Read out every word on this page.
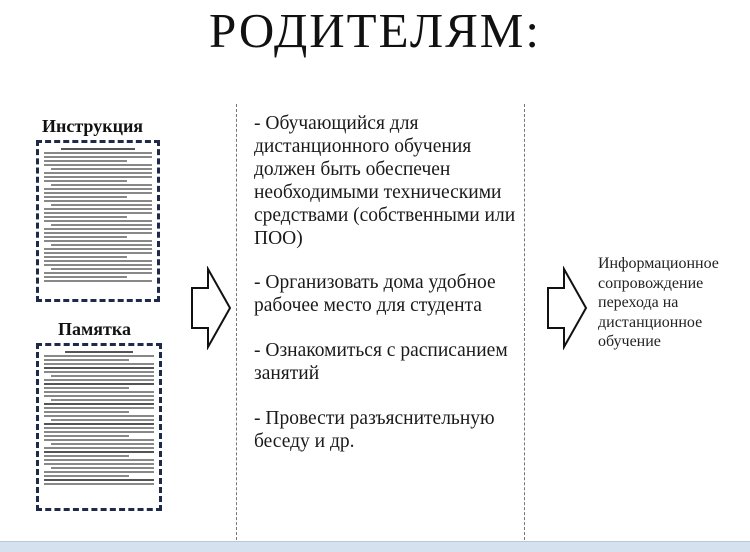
РОДИТЕЛЯМ:
Инструкция
Памятка
- Обучающийся для дистанционного обучения должен быть обеспечен необходимыми техническими средствами (собственными или ПОО)
- Организовать дома удобное рабочее место для студента
- Ознакомиться с расписанием занятий
- Провести разъяснительную беседу и др.
Информационное сопровождение перехода на дистанционное обучение
